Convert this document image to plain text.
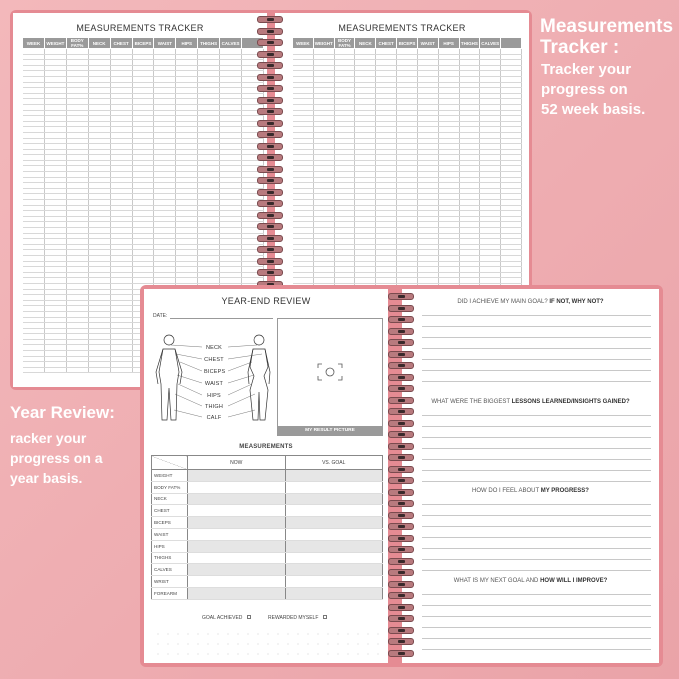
MEASUREMENTS TRACKER
WEEK	WEIGHT	BODY FAT%	NECK	CHEST	BICEPS	WAIST	HIPS	THIGHS	CALVES	

MEASUREMENTS TRACKER
WEEK	WEIGHT	BODY FAT%	NECK	CHEST	BICEPS	WAIST	HIPS	THIGHS	CALVES	

Measurements
Tracker :
Tracker your
progress on
52 week basis.
Year Review:
racker your
progress on a
year basis.
YEAR-END REVIEW
DATE:
NECK
CHEST
BICEPS
WAIST
HIPS
THIGH
CALF
MY RESULT PICTURE
MEASUREMENTS
	NOW	VS. GOAL
WEIGHT		
BODY FAT%		
NECK		
CHEST		
BICEPS		
WAIST		
HIPS		
THIGHS		
CALVES		
WRIST		
FOREARM		
GOAL ACHIEVED	REWARDED MYSELF
DID I ACHIEVE MY MAIN GOAL? IF NOT, WHY NOT?
WHAT WERE THE BIGGEST LESSONS LEARNED/INSIGHTS GAINED?
HOW DO I FEEL ABOUT MY PROGRESS?
WHAT IS MY NEXT GOAL AND HOW WILL I IMPROVE?
